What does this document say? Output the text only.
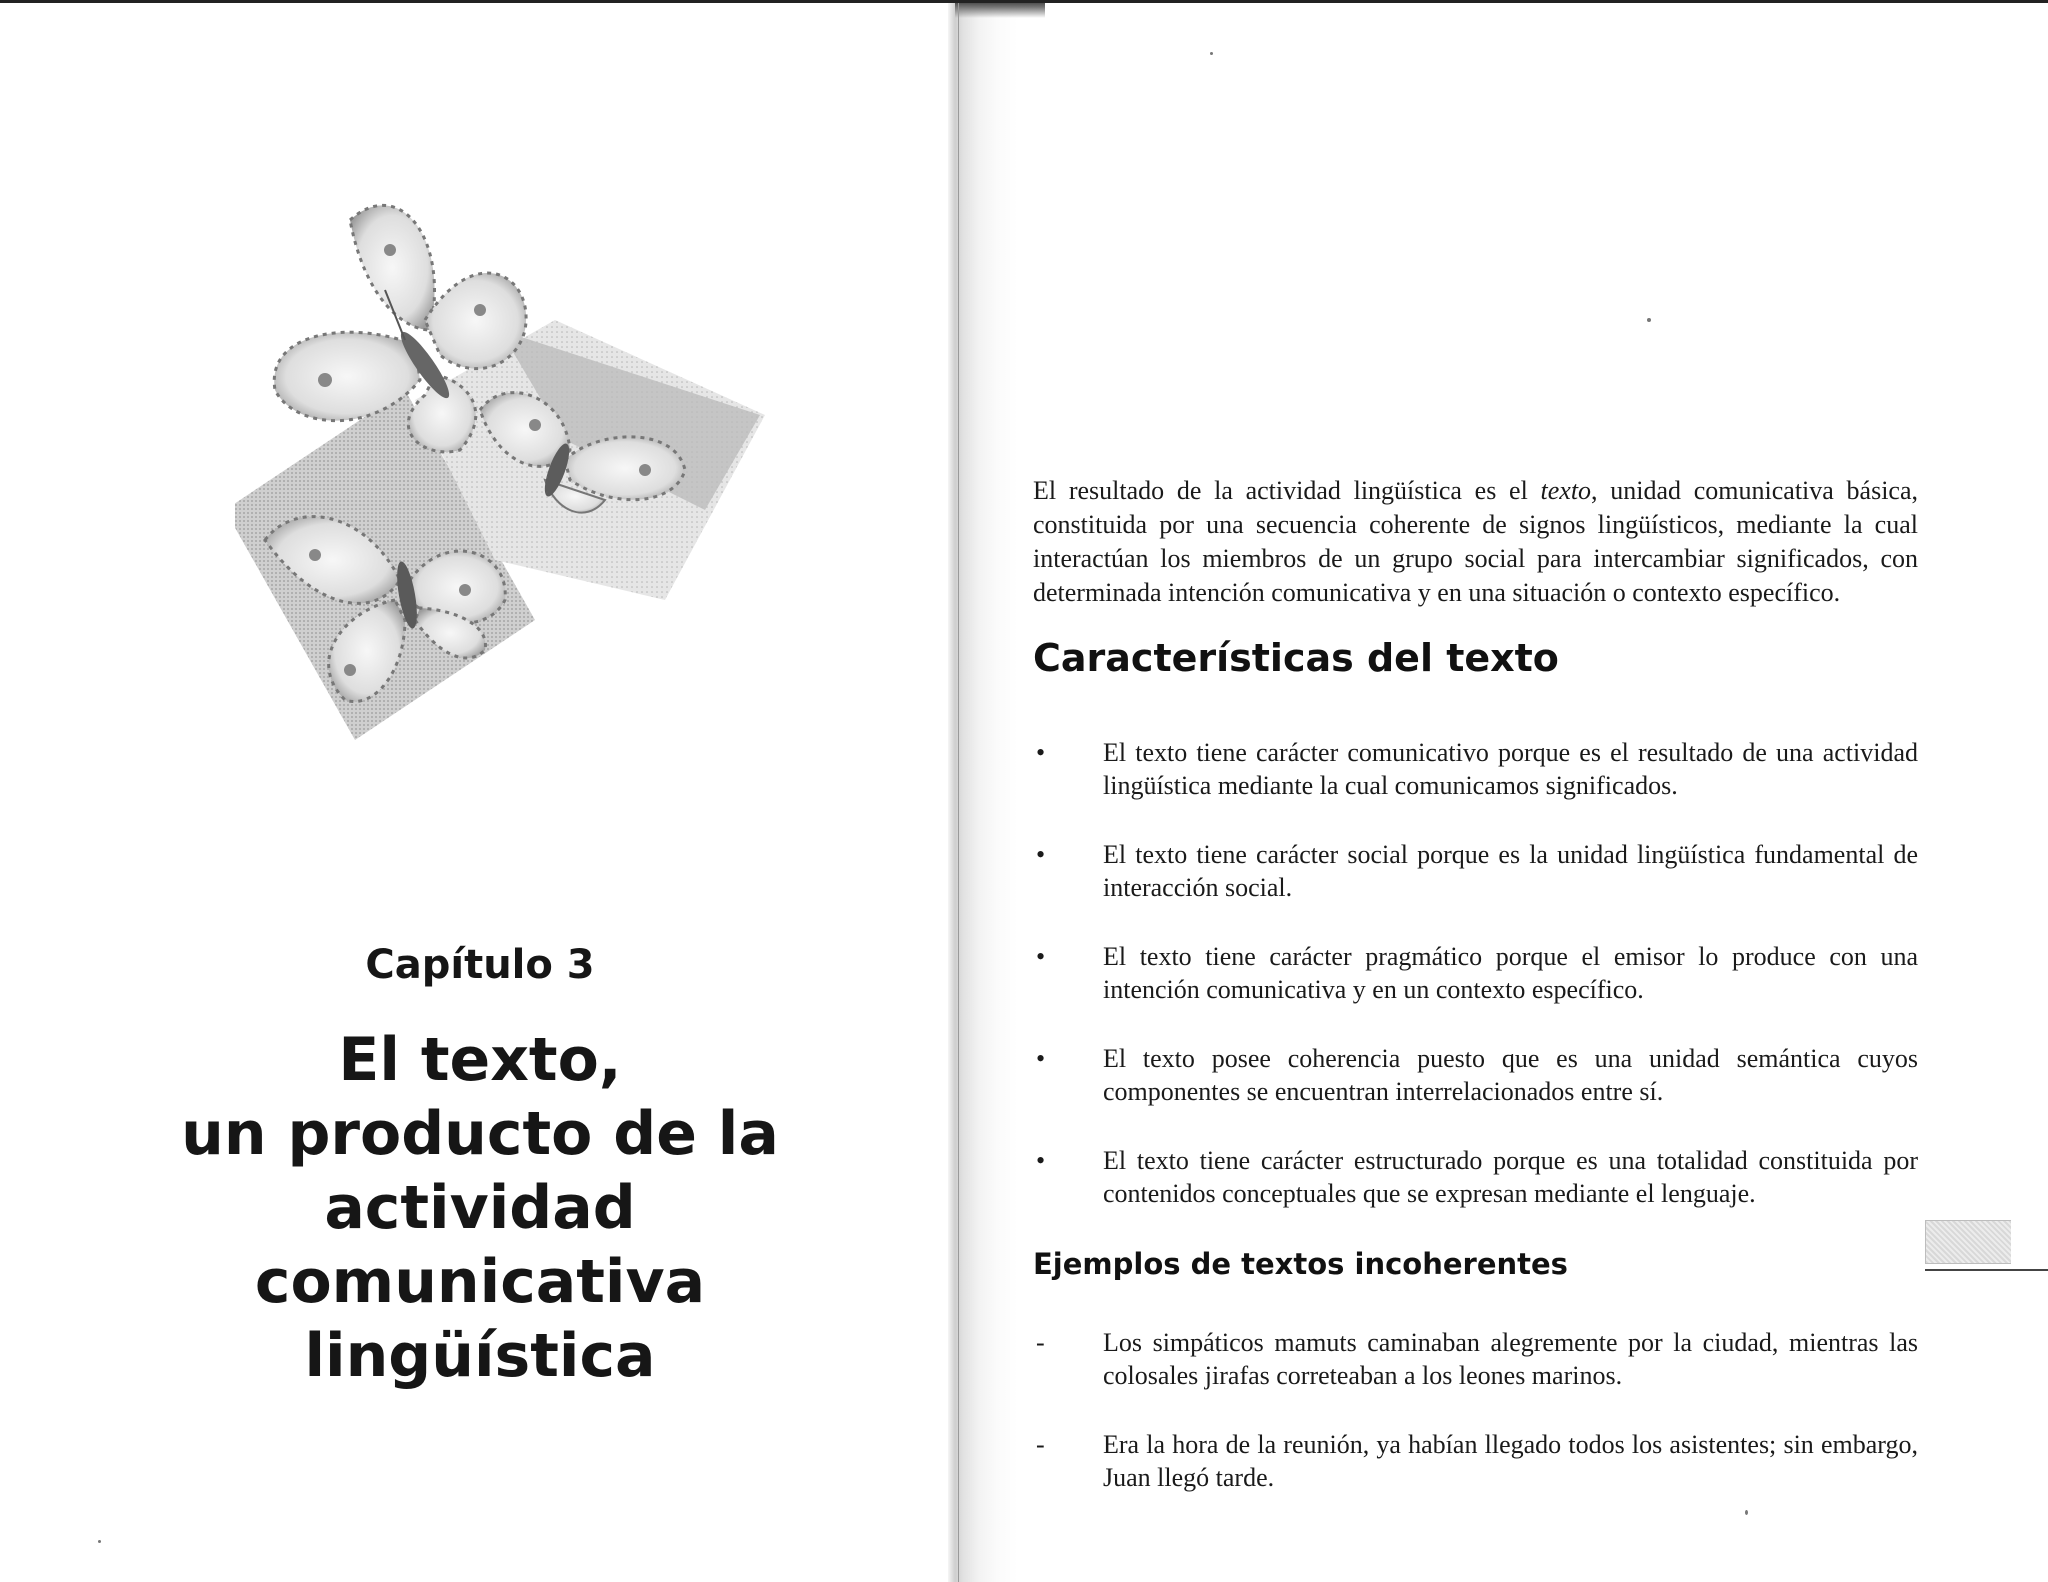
Capítulo 3

El texto,
un producto de la actividad
comunicativa lingüística

El resultado de la actividad lingüística es el texto, unidad comunicativa básica, constituida por una secuencia coherente de signos lingüísticos, mediante la cual interactúan los miembros de un grupo social para intercambiar significados, con determinada intención comunicativa y en una situación o contexto específico.

Características del texto
• El texto tiene carácter comunicativo porque es el resultado de una actividad lingüística mediante la cual comunicamos significados.
• El texto tiene carácter social porque es la unidad lingüística fundamental de interacción social.
• El texto tiene carácter pragmático porque el emisor lo produce con una intención comunicativa y en un contexto específico.
• El texto posee coherencia puesto que es una unidad semántica cuyos componentes se encuentran interrelacionados entre sí.
• El texto tiene carácter estructurado porque es una totalidad constituida por contenidos conceptuales que se expresan mediante el lenguaje.
Ejemplos de textos incoherentes
- Los simpáticos mamuts caminaban alegremente por la ciudad, mientras las colosales jirafas correteaban a los leones marinos.
- Era la hora de la reunión, ya habían llegado todos los asistentes; sin embargo, Juan llegó tarde.
